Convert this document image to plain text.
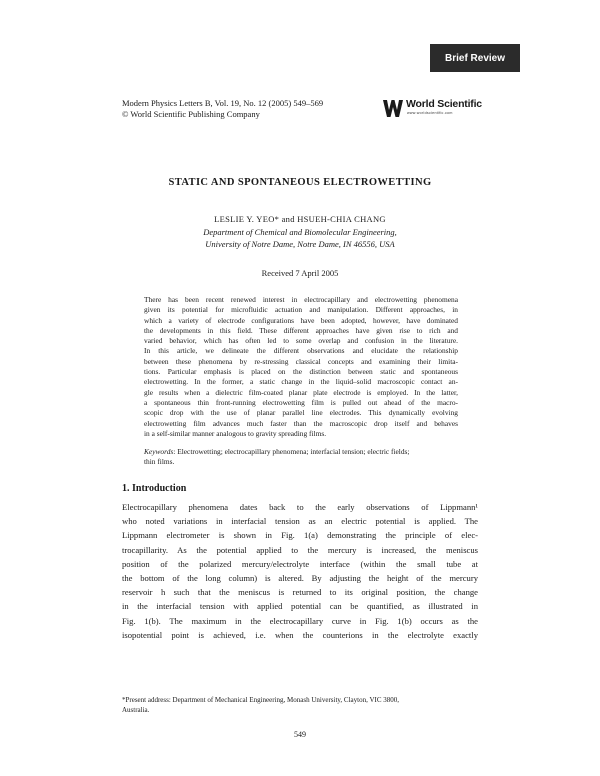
Brief Review
Modern Physics Letters B, Vol. 19, No. 12 (2005) 549–569
© World Scientific Publishing Company
World Scientific
www.worldscientific.com
STATIC AND SPONTANEOUS ELECTROWETTING
LESLIE Y. YEO* and HSUEH-CHIA CHANG
Department of Chemical and Biomolecular Engineering,
University of Notre Dame, Notre Dame, IN 46556, USA
Received 7 April 2005
There has been recent renewed interest in electrocapillary and electrowetting phenomena
given its potential for microfluidic actuation and manipulation. Different approaches, in
which a variety of electrode configurations have been adopted, however, have dominated
the developments in this field. These different approaches have given rise to rich and
varied behavior, which has often led to some overlap and confusion in the literature.
In this article, we delineate the different observations and elucidate the relationship
between these phenomena by re-stressing classical concepts and examining their limita-
tions. Particular emphasis is placed on the distinction between static and spontaneous
electrowetting. In the former, a static change in the liquid–solid macroscopic contact an-
gle results when a dielectric film-coated planar plate electrode is employed. In the latter,
a spontaneous thin front-running electrowetting film is pulled out ahead of the macro-
scopic drop with the use of planar parallel line electrodes. This dynamically evolving
electrowetting film advances much faster than the macroscopic drop itself and behaves
in a self-similar manner analogous to gravity spreading films.
Keywords: Electrowetting; electrocapillary phenomena; interfacial tension; electric fields;
thin films.
1. Introduction
Electrocapillary phenomena dates back to the early observations of Lippmann¹
who noted variations in interfacial tension as an electric potential is applied. The
Lippmann electrometer is shown in Fig. 1(a) demonstrating the principle of elec-
trocapillarity. As the potential applied to the mercury is increased, the meniscus
position of the polarized mercury/electrolyte interface (within the small tube at
the bottom of the long column) is altered. By adjusting the height of the mercury
reservoir h such that the meniscus is returned to its original position, the change
in the interfacial tension with applied potential can be quantified, as illustrated in
Fig. 1(b). The maximum in the electrocapillary curve in Fig. 1(b) occurs as the
isopotential point is achieved, i.e. when the counterions in the electrolyte exactly
*Present address: Department of Mechanical Engineering, Monash University, Clayton, VIC 3800,
Australia.
549
